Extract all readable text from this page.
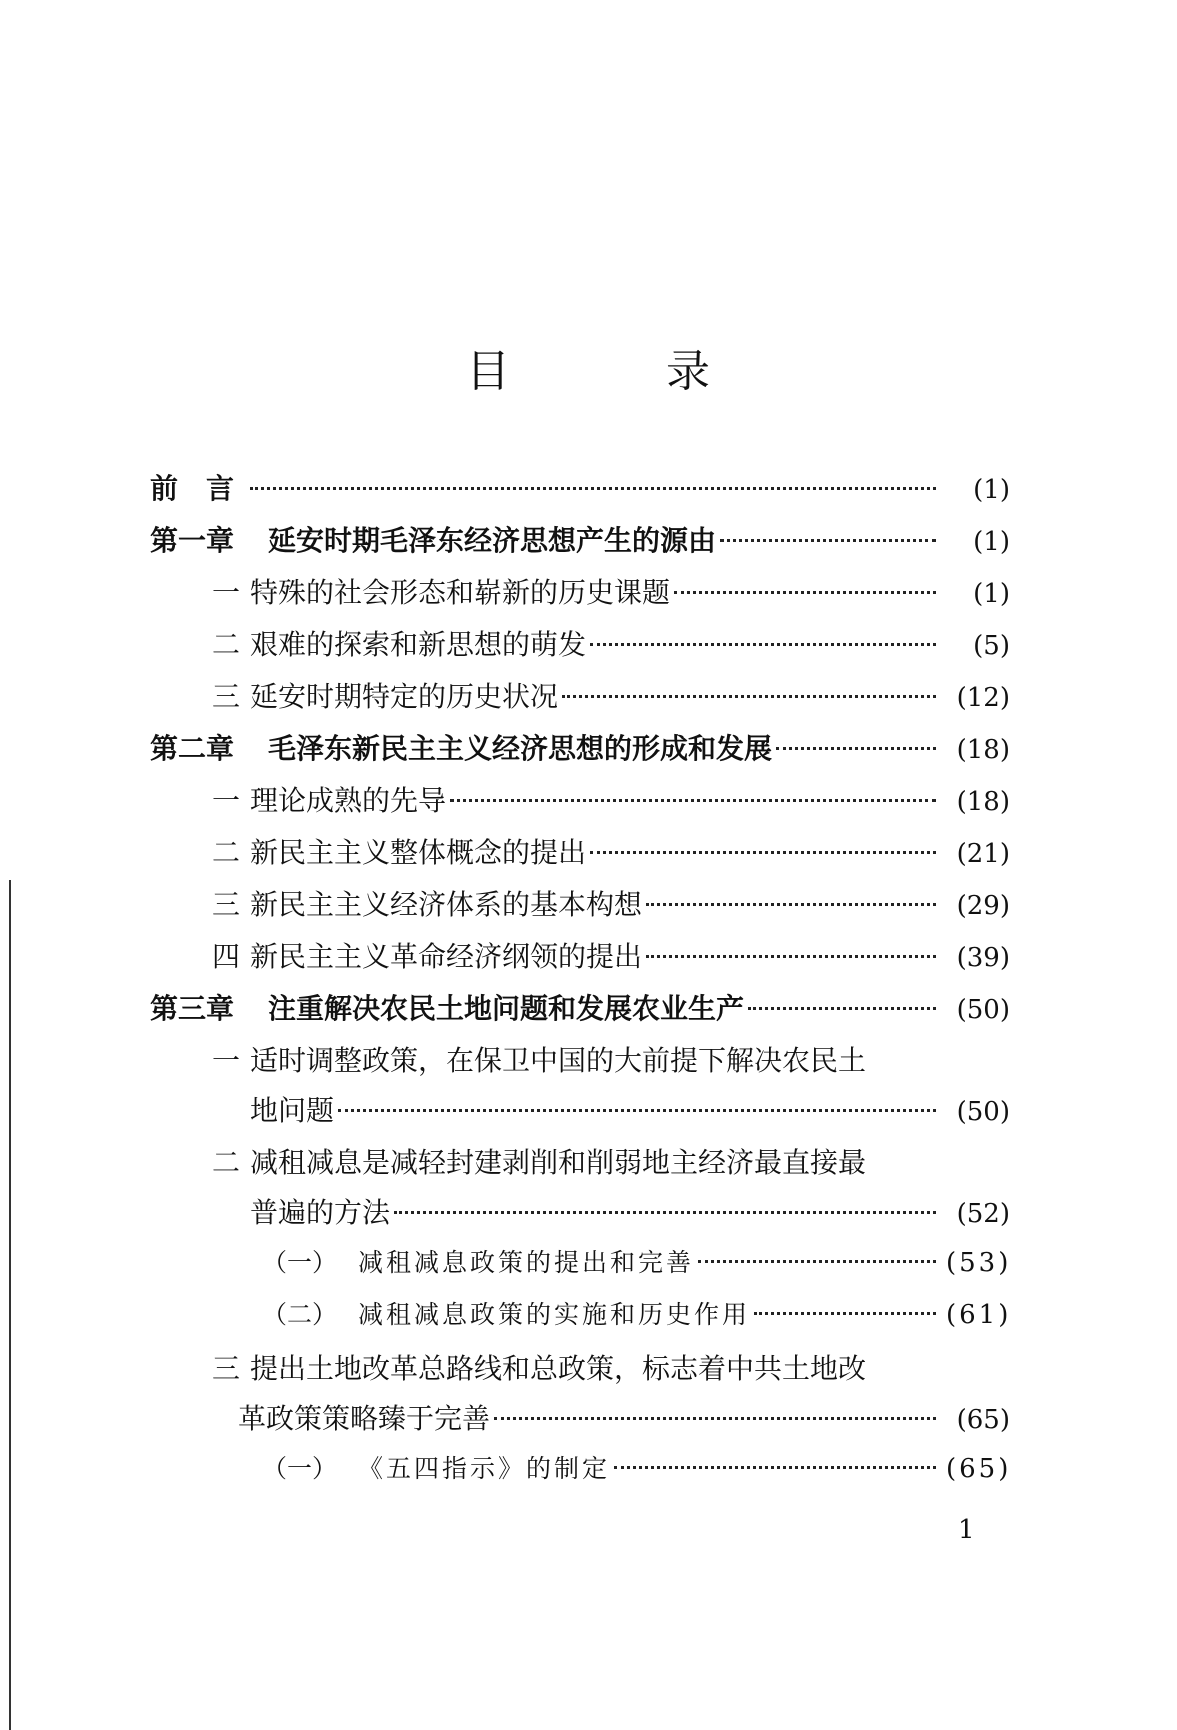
目	录
前　言	(1)
第一章 延安时期毛泽东经济思想产生的源由	(1)
一 特殊的社会形态和崭新的历史课题	(1)
二 艰难的探索和新思想的萌发	(5)
三 延安时期特定的历史状况	(12)
第二章 毛泽东新民主主义经济思想的形成和发展	(18)
一 理论成熟的先导	(18)
二 新民主主义整体概念的提出	(21)
三 新民主主义经济体系的基本构想	(29)
四 新民主主义革命经济纲领的提出	(39)
第三章 注重解决农民土地问题和发展农业生产	(50)
一 适时调整政策，在保卫中国的大前提下解决农民土
地问题	(50)
二 减租减息是减轻封建剥削和削弱地主经济最直接最
普遍的方法	(52)
（一） 减租减息政策的提出和完善	(53)
（二） 减租减息政策的实施和历史作用	(61)
三 提出土地改革总路线和总政策，标志着中共土地改
革政策策略臻于完善	(65)
（一） 《五四指示》的制定	(65)
1
